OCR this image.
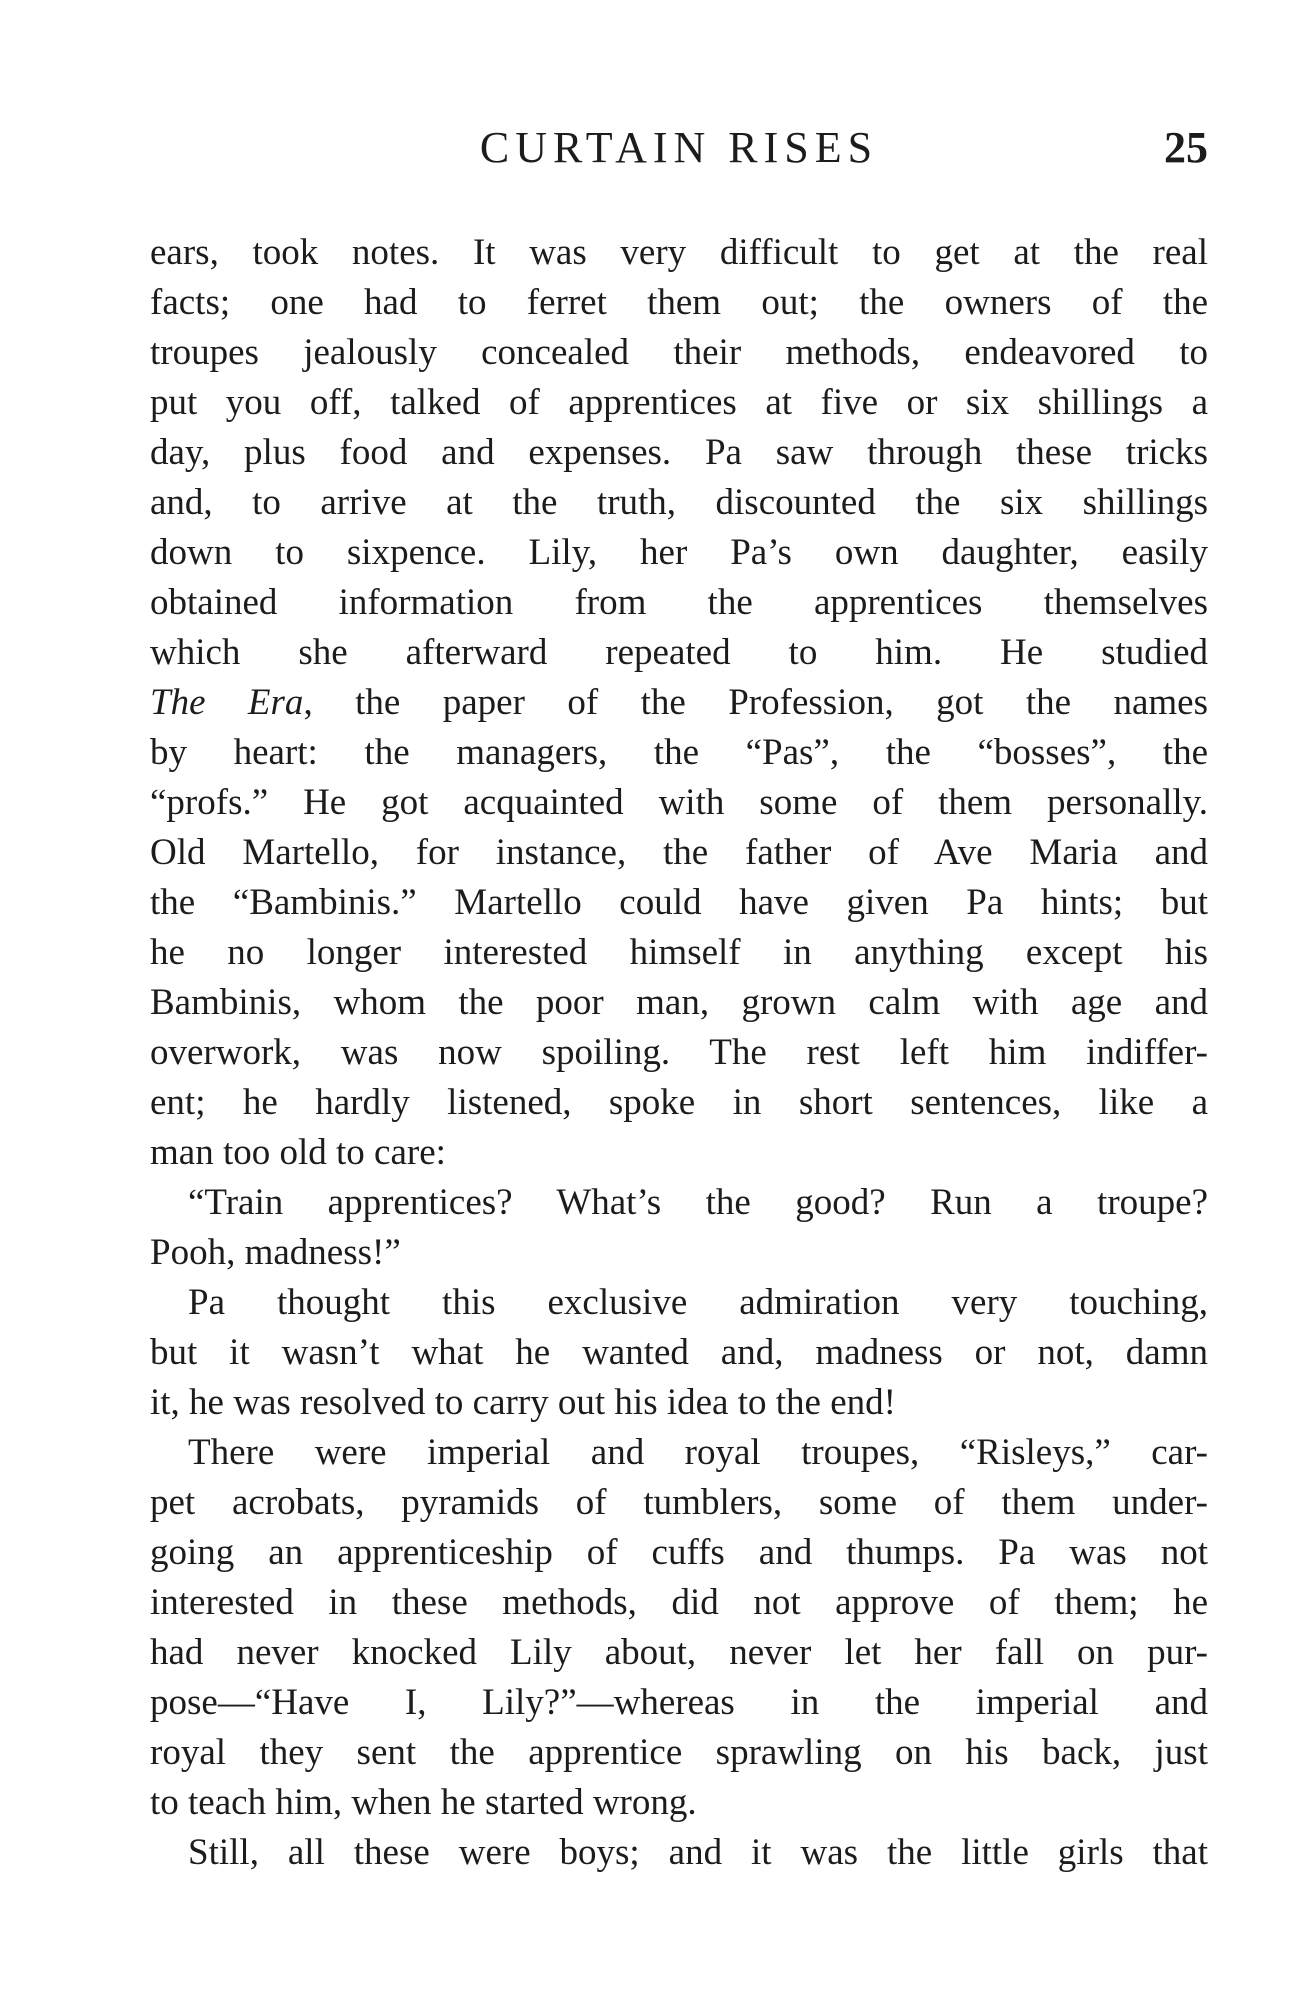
CURTAIN RISES	25
ears, took notes. It was very difficult to get at the real
facts; one had to ferret them out; the owners of the
troupes jealously concealed their methods, endeavored to
put you off, talked of apprentices at five or six shillings a
day, plus food and expenses. Pa saw through these tricks
and, to arrive at the truth, discounted the six shillings
down to sixpence. Lily, her Pa’s own daughter, easily
obtained information from the apprentices themselves
which she afterward repeated to him. He studied
The Era, the paper of the Profession, got the names
by heart: the managers, the “Pas”, the “bosses”, the
“profs.” He got acquainted with some of them personally.
Old Martello, for instance, the father of Ave Maria and
the “Bambinis.” Martello could have given Pa hints; but
he no longer interested himself in anything except his
Bambinis, whom the poor man, grown calm with age and
overwork, was now spoiling. The rest left him indiffer-
ent; he hardly listened, spoke in short sentences, like a
man too old to care:
“Train apprentices? What’s the good? Run a troupe?
Pooh, madness!”
Pa thought this exclusive admiration very touching,
but it wasn’t what he wanted and, madness or not, damn
it, he was resolved to carry out his idea to the end!
There were imperial and royal troupes, “Risleys,” car-
pet acrobats, pyramids of tumblers, some of them under-
going an apprenticeship of cuffs and thumps. Pa was not
interested in these methods, did not approve of them; he
had never knocked Lily about, never let her fall on pur-
pose—“Have I, Lily?”—whereas in the imperial and
royal they sent the apprentice sprawling on his back, just
to teach him, when he started wrong.
Still, all these were boys; and it was the little girls that
